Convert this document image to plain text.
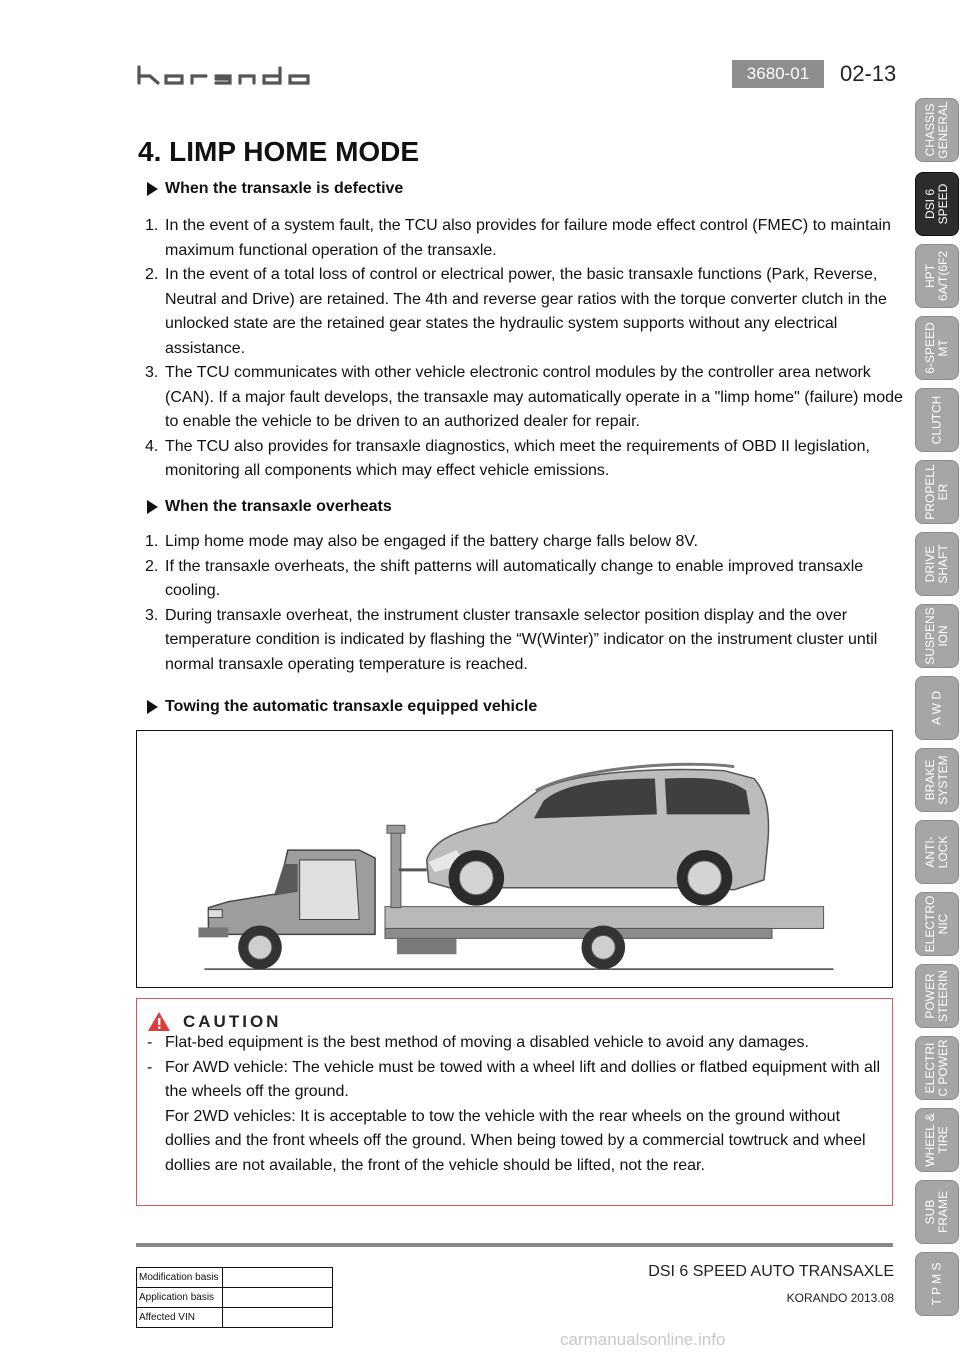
3680-01	02-13
4. LIMP HOME MODE
When the transaxle is defective
1. In the event of a system fault, the TCU also provides for failure mode effect control (FMEC) to maintain maximum functional operation of the transaxle.
2. In the event of a total loss of control or electrical power, the basic transaxle functions (Park, Reverse, Neutral and Drive) are retained. The 4th and reverse gear ratios with the torque converter clutch in the unlocked state are the retained gear states the hydraulic system supports without any electrical assistance.
3. The TCU communicates with other vehicle electronic control modules by the controller area network (CAN). If a major fault develops, the transaxle may automatically operate in a "limp home" (failure) mode to enable the vehicle to be driven to an authorized dealer for repair.
4. The TCU also provides for transaxle diagnostics, which meet the requirements of OBD II legislation, monitoring all components which may effect vehicle emissions.
When the transaxle overheats
1. Limp home mode may also be engaged if the battery charge falls below 8V.
2. If the transaxle overheats, the shift patterns will automatically change to enable improved transaxle cooling.
3. During transaxle overheat, the instrument cluster transaxle selector position display and the over temperature condition is indicated by flashing the “W(Winter)” indicator on the instrument cluster until normal transaxle operating temperature is reached.
Towing the automatic transaxle equipped vehicle
CAUTION
- Flat-bed equipment is the best method of moving a disabled vehicle to avoid any damages.
- For AWD vehicle: The vehicle must be towed with a wheel lift and dollies or flatbed equipment with all the wheels off the ground.
For 2WD vehicles: It is acceptable to tow the vehicle with the rear wheels on the ground without dollies and the front wheels off the ground. When being towed by a commercial towtruck and wheel dollies are not available, the front of the vehicle should be lifted, not the rear.
Modification basis	
Application basis	
Affected VIN	
DSI 6 SPEED AUTO TRANSAXLE
KORANDO 2013.08
CHASSIS
GENERAL
DSI 6
SPEED
HPT
6A/T(6F2
6-SPEED
MT
CLUTCH
PROPELL
ER
DRIVE
SHAFT
SUSPENS
ION
A W D
BRAKE
SYSTEM
ANTI-
LOCK
ELECTRO
NIC
POWER
STEERIN
ELECTRI
C POWER
WHEEL &
TIRE
SUB
FRAME
T P M S
carmanualsonline.info
